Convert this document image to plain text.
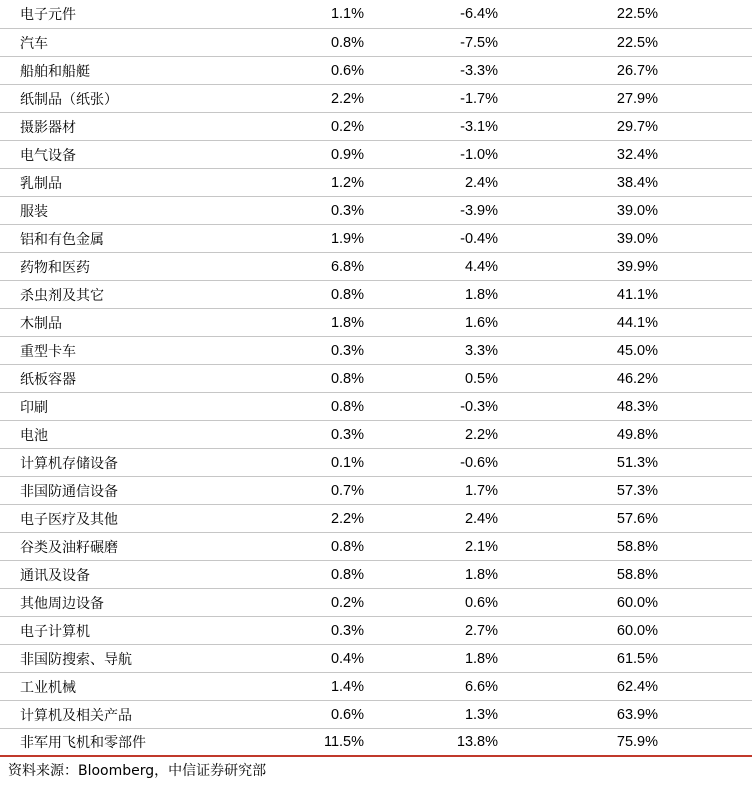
电子元件	1.1%	-6.4%	22.5%
汽车	0.8%	-7.5%	22.5%
船舶和船艇	0.6%	-3.3%	26.7%
纸制品（纸张）	2.2%	-1.7%	27.9%
摄影器材	0.2%	-3.1%	29.7%
电气设备	0.9%	-1.0%	32.4%
乳制品	1.2%	2.4%	38.4%
服装	0.3%	-3.9%	39.0%
铝和有色金属	1.9%	-0.4%	39.0%
药物和医药	6.8%	4.4%	39.9%
杀虫剂及其它	0.8%	1.8%	41.1%
木制品	1.8%	1.6%	44.1%
重型卡车	0.3%	3.3%	45.0%
纸板容器	0.8%	0.5%	46.2%
印刷	0.8%	-0.3%	48.3%
电池	0.3%	2.2%	49.8%
计算机存储设备	0.1%	-0.6%	51.3%
非国防通信设备	0.7%	1.7%	57.3%
电子医疗及其他	2.2%	2.4%	57.6%
谷类及油籽碾磨	0.8%	2.1%	58.8%
通讯及设备	0.8%	1.8%	58.8%
其他周边设备	0.2%	0.6%	60.0%
电子计算机	0.3%	2.7%	60.0%
非国防搜索、导航	0.4%	1.8%	61.5%
工业机械	1.4%	6.6%	62.4%
计算机及相关产品	0.6%	1.3%	63.9%
非军用飞机和零部件	11.5%	13.8%	75.9%
资料来源：Bloomberg，中信证券研究部
